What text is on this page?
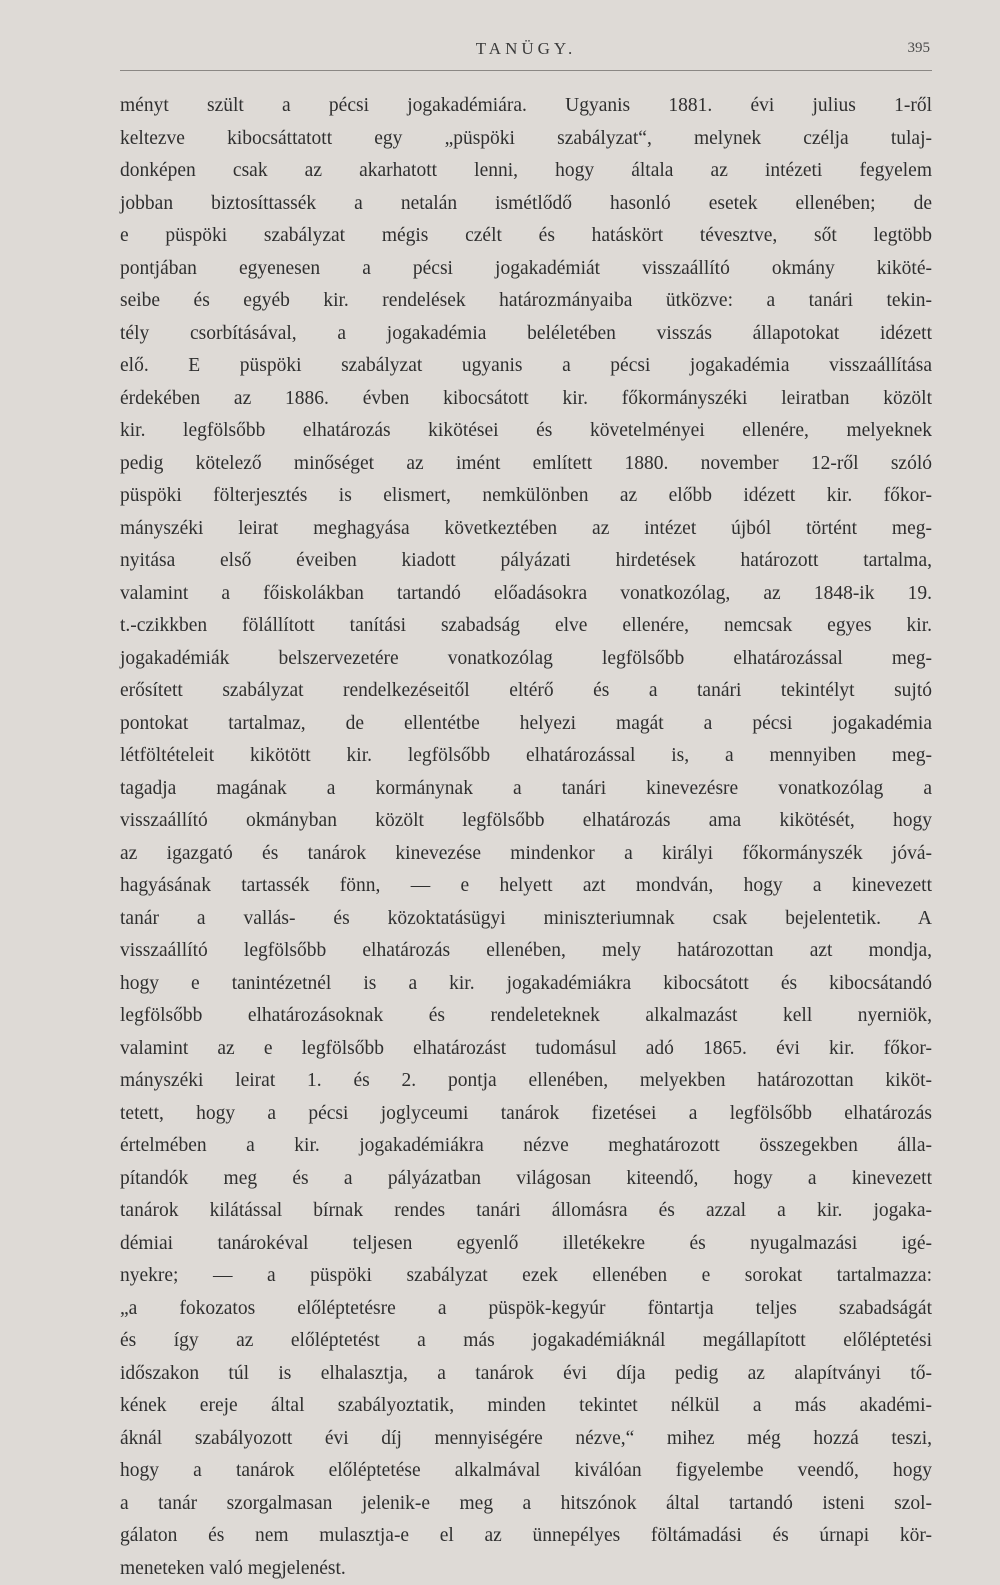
TANÜGY.	395
ményt szült a pécsi jogakadémiára. Ugyanis 1881. évi julius 1-ről
keltezve kibocsáttatott egy „püspöki szabályzat“, melynek czélja tulaj-
donképen csak az akarhatott lenni, hogy általa az intézeti fegyelem
jobban biztosíttassék a netalán ismétlődő hasonló esetek ellenében; de
e püspöki szabályzat mégis czélt és hatáskört tévesztve, sőt legtöbb
pontjában egyenesen a pécsi jogakadémiát visszaállító okmány kiköté-
seibe és egyéb kir. rendelések határozmányaiba ütközve: a tanári tekin-
tély csorbításával, a jogakadémia beléletében visszás állapotokat idézett
elő. E püspöki szabályzat ugyanis a pécsi jogakadémia visszaállítása
érdekében az 1886. évben kibocsátott kir. főkormányszéki leiratban közölt
kir. legfölsőbb elhatározás kikötései és követelményei ellenére, melyeknek
pedig kötelező minőséget az imént említett 1880. november 12-ről szóló
püspöki fölterjesztés is elismert, nemkülönben az előbb idézett kir. főkor-
mányszéki leirat meghagyása következtében az intézet újból történt meg-
nyitása első éveiben kiadott pályázati hirdetések határozott tartalma,
valamint a főiskolákban tartandó előadásokra vonatkozólag, az 1848-ik 19.
t.-czikkben fölállított tanítási szabadság elve ellenére, nemcsak egyes kir.
jogakadémiák belszervezetére vonatkozólag legfölsőbb elhatározással meg-
erősített szabályzat rendelkezéseitől eltérő és a tanári tekintélyt sujtó
pontokat tartalmaz, de ellentétbe helyezi magát a pécsi jogakadémia
létföltételeit kikötött kir. legfölsőbb elhatározással is, a mennyiben meg-
tagadja magának a kormánynak a tanári kinevezésre vonatkozólag a
visszaállító okmányban közölt legfölsőbb elhatározás ama kikötését, hogy
az igazgató és tanárok kinevezése mindenkor a királyi főkormányszék jóvá-
hagyásának tartassék fönn, — e helyett azt mondván, hogy a kinevezett
tanár a vallás- és közoktatásügyi miniszteriumnak csak bejelentetik. A
visszaállító legfölsőbb elhatározás ellenében, mely határozottan azt mondja,
hogy e tanintézetnél is a kir. jogakadémiákra kibocsátott és kibocsátandó
legfölsőbb elhatározásoknak és rendeleteknek alkalmazást kell nyerniök,
valamint az e legfölsőbb elhatározást tudomásul adó 1865. évi kir. főkor-
mányszéki leirat 1. és 2. pontja ellenében, melyekben határozottan kiköt-
tetett, hogy a pécsi joglyceumi tanárok fizetései a legfölsőbb elhatározás
értelmében a kir. jogakadémiákra nézve meghatározott összegekben álla-
pítandók meg és a pályázatban világosan kiteendő, hogy a kinevezett
tanárok kilátással bírnak rendes tanári állomásra és azzal a kir. jogaka-
démiai tanárokéval teljesen egyenlő illetékekre és nyugalmazási igé-
nyekre; — a püspöki szabályzat ezek ellenében e sorokat tartalmazza:
„a fokozatos előléptetésre a püspök-kegyúr föntartja teljes szabadságát
és így az előléptetést a más jogakadémiáknál megállapított előléptetési
időszakon túl is elhalasztja, a tanárok évi díja pedig az alapítványi tő-
kének ereje által szabályoztatik, minden tekintet nélkül a más akadémi-
áknál szabályozott évi díj mennyiségére nézve,“ mihez még hozzá teszi,
hogy a tanárok előléptetése alkalmával kiválóan figyelembe veendő, hogy
a tanár szorgalmasan jelenik-e meg a hitszónok által tartandó isteni szol-
gálaton és nem mulasztja-e el az ünnepélyes föltámadási és úrnapi kör-
meneteken való megjelenést.
